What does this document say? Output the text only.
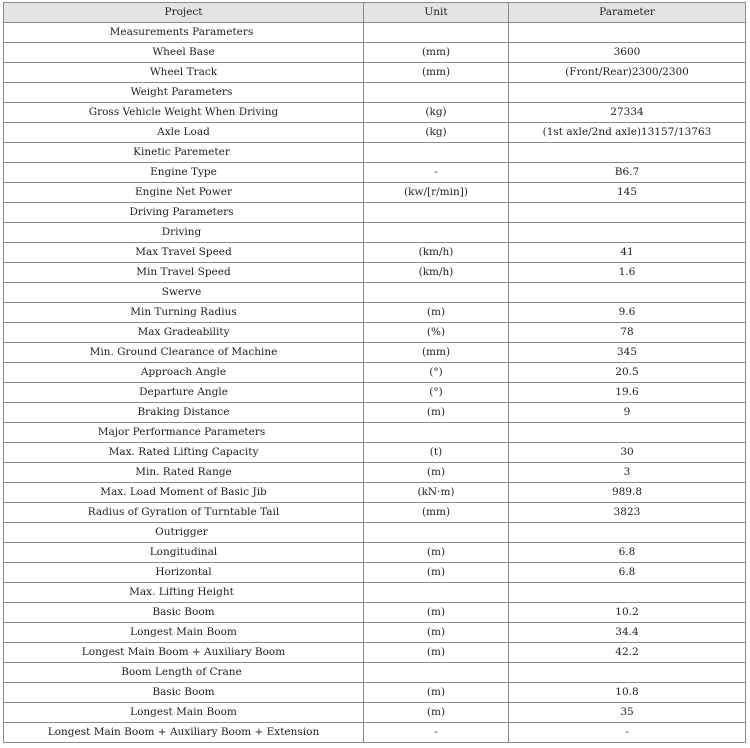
Project	Unit	Parameter
Measurements Parameters		
Wheel Base	(mm)	3600
Wheel Track	(mm)	(Front/Rear)2300/2300
Weight Parameters		
Gross Vehicle Weight When Driving	(kg)	27334
Axle Load	(kg)	(1st axle/2nd axle)13157/13763
Kinetic Paremeter		
Engine Type	-	B6.7
Engine Net Power	(kw/[r/min])	145
Driving Parameters		
Driving		
Max Travel Speed	(km/h)	41
Min Travel Speed	(km/h)	1.6
Swerve		
Min Turning Radius	(m)	9.6
Max Gradeability	(%)	78
Min. Ground Clearance of Machine	(mm)	345
Approach Angle	(°)	20.5
Departure Angle	(°)	19.6
Braking Distance	(m)	9
Major Performance Parameters		
Max. Rated Lifting Capacity	(t)	30
Min. Rated Range	(m)	3
Max. Load Moment of Basic Jib	(kN·m)	989.8
Radius of Gyration of Turntable Tail	(mm)	3823
Outrigger		
Longitudinal	(m)	6.8
Horizontal	(m)	6.8
Max. Lifting Height		
Basic Boom	(m)	10.2
Longest Main Boom	(m)	34.4
Longest Main Boom + Auxiliary Boom	(m)	42.2
Boom Length of Crane		
Basic Boom	(m)	10.8
Longest Main Boom	(m)	35
Longest Main Boom + Auxiliary Boom + Extension	-	-
